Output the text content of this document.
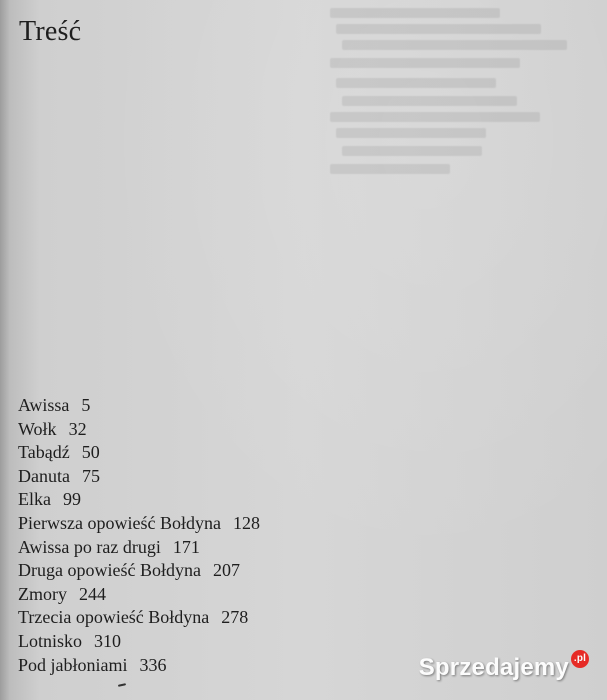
Treść
Awissa 5
Wołk 32
Tabądź 50
Danuta 75
Elka 99
Pierwsza opowieść Bołdyna 128
Awissa po raz drugi 171
Druga opowieść Bołdyna 207
Zmory 244
Trzecia opowieść Bołdyna 278
Lotnisko 310
Pod jabłoniami 336	Sprzedajemy .pl
